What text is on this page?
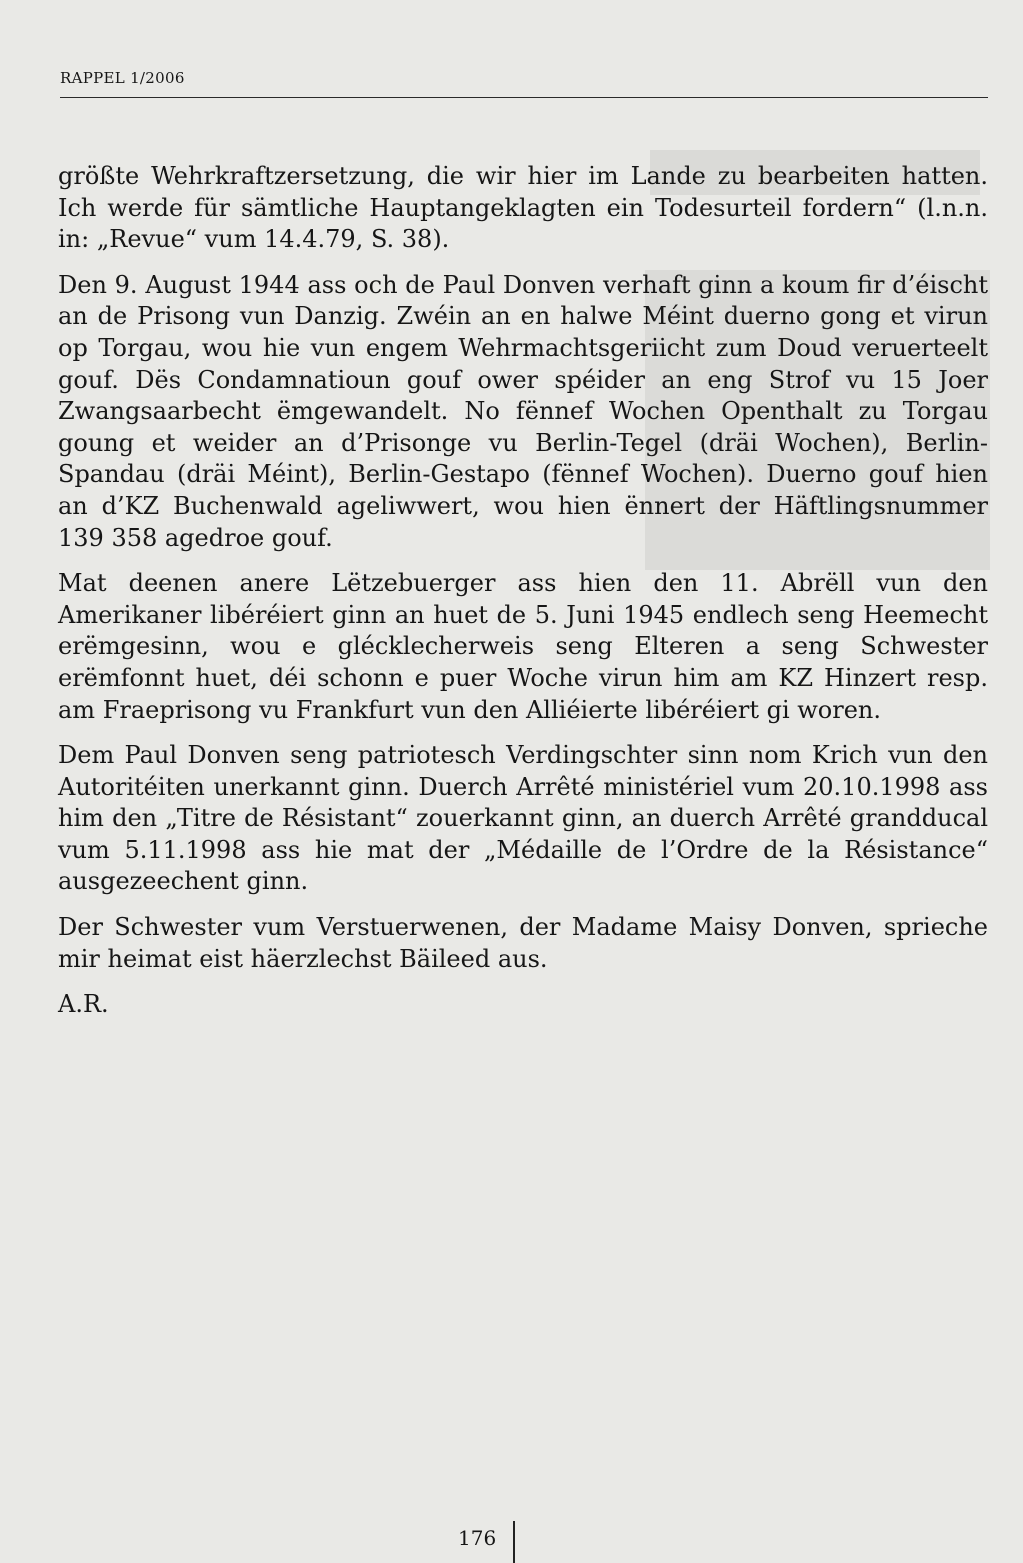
RAPPEL 1/2006

größte Wehrkraftzersetzung, die wir hier im Lande zu bearbeiten hatten. Ich werde für sämtliche Hauptangeklagten ein Todesurteil fordern“ (l.n.n. in: „Revue“ vum 14.4.79, S. 38).

Den 9. August 1944 ass och de Paul Donven verhaft ginn a koum fir d’éischt an de Prisong vun Danzig. Zwéin an en halwe Méint duerno gong et virun op Torgau, wou hie vun engem Wehrmachtsgeriicht zum Doud veruerteelt gouf. Dës Condamnatioun gouf ower spéider an eng Strof vu 15 Joer Zwangsaarbecht ëmgewandelt. No fënnef Wochen Openthalt zu Torgau goung et weider an d’Prisonge vu Berlin-Tegel (dräi Wochen), Berlin-Spandau (dräi Méint), Berlin-Gestapo (fënnef Wochen). Duerno gouf hien an d’KZ Buchenwald ageliwwert, wou hien ënnert der Häftlingsnummer 139 358 agedroe gouf.

Mat deenen anere Lëtzebuerger ass hien den 11. Abrëll vun den Amerikaner libéréiert ginn an huet de 5. Juni 1945 endlech seng Heemecht erëmgesinn, wou e glécklecherweis seng Elteren a seng Schwester erëmfonnt huet, déi schonn e puer Woche virun him am KZ Hinzert resp. am Fraeprisong vu Frankfurt vun den Alliéierte libéréiert gi woren.

Dem Paul Donven seng patriotesch Verdingschter sinn nom Krich vun den Autoritéiten unerkannt ginn. Duerch Arrêté ministériel vum 20.10.1998 ass him den „Titre de Résistant“ zouerkannt ginn, an duerch Arrêté grandducal vum 5.11.1998 ass hie mat der „Médaille de l’Ordre de la Résistance“ ausgezeechent ginn.

Der Schwester vum Verstuerwenen, der Madame Maisy Donven, sprieche mir heimat eist häerzlechst Bäileed aus.

A.R.

176
